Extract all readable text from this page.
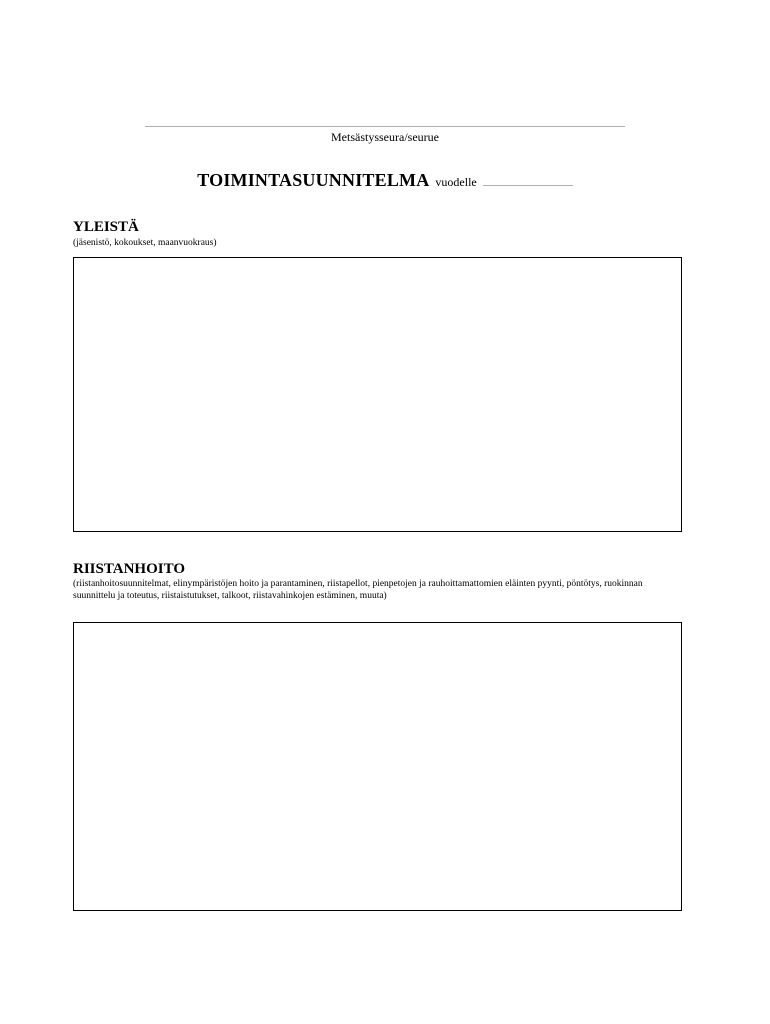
Metsästysseura/seurue
TOIMINTASUUNNITELMA vuodelle
YLEISTÄ
(jäsenistö, kokoukset, maanvuokraus)
RIISTANHOITO
(riistanhoitosuunnitelmat, elinympäristöjen hoito ja parantaminen, riistapellot, pienpetojen ja rauhoittamattomien eläinten pyynti, pöntötys, ruokinnan
suunnittelu ja toteutus, riistaistutukset, talkoot, riistavahinkojen estäminen, muuta)
